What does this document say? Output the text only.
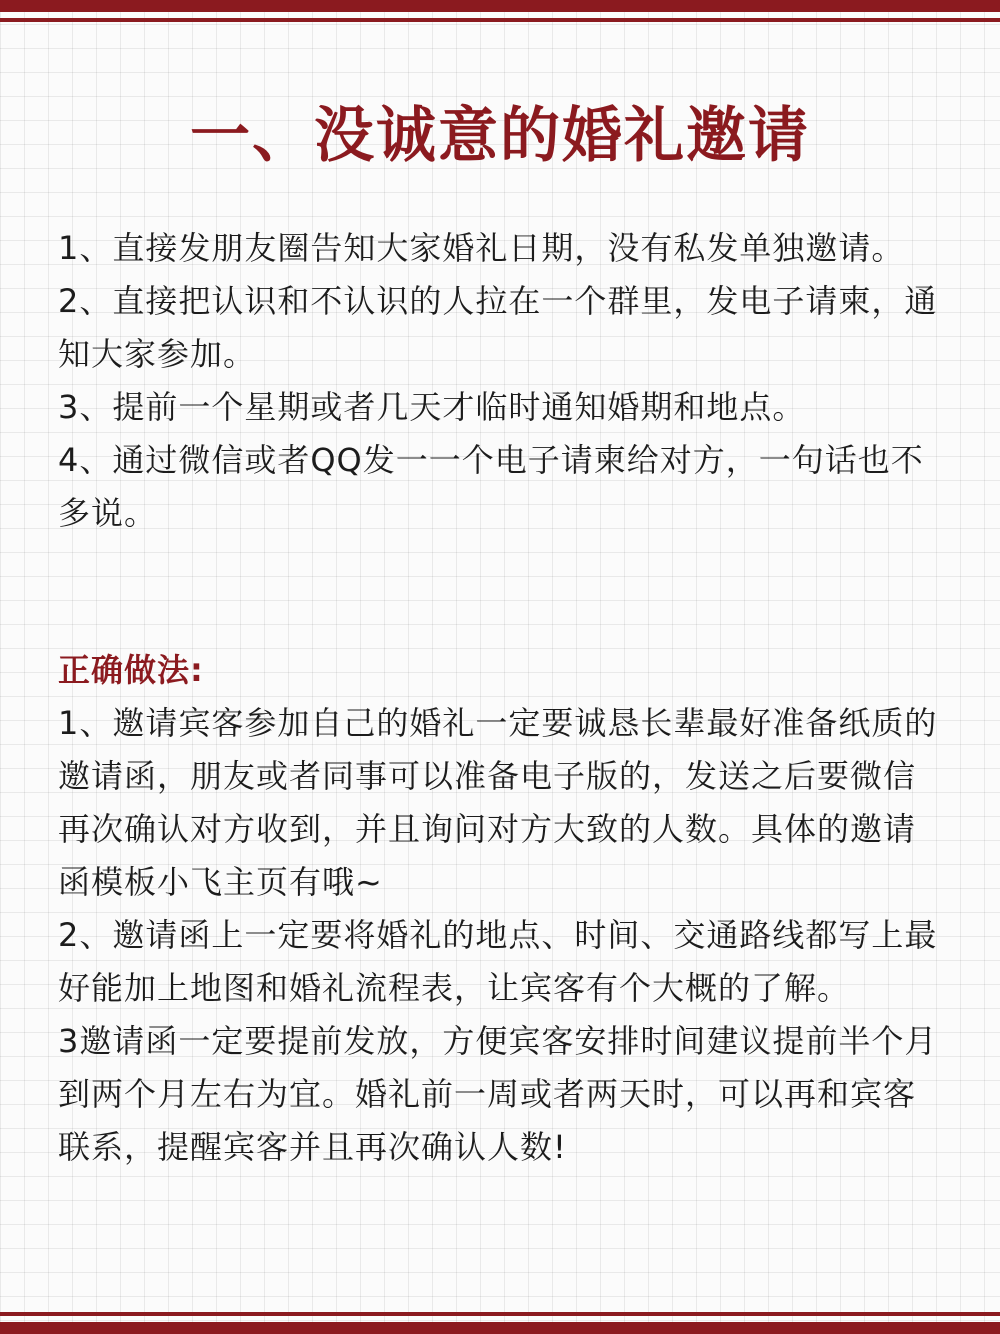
一、没诚意的婚礼邀请

1、直接发朋友圈告知大家婚礼日期，没有私发单独邀请。

2、直接把认识和不认识的人拉在一个群里，发电子请柬，通知大家参加。

3、提前一个星期或者几天才临时通知婚期和地点。

4、通过微信或者QQ发一一个电子请柬给对方，一句话也不多说。

正确做法:

1、邀请宾客参加自己的婚礼一定要诚恳长辈最好准备纸质的邀请函，朋友或者同事可以准备电子版的，发送之后要微信再次确认对方收到，并且询问对方大致的人数。具体的邀请函模板小飞主页有哦~

2、邀请函上一定要将婚礼的地点、时间、交通路线都写上最好能加上地图和婚礼流程表，让宾客有个大概的了解。

3邀请函一定要提前发放，方便宾客安排时间建议提前半个月到两个月左右为宜。婚礼前一周或者两天时，可以再和宾客联系，提醒宾客并且再次确认人数!
